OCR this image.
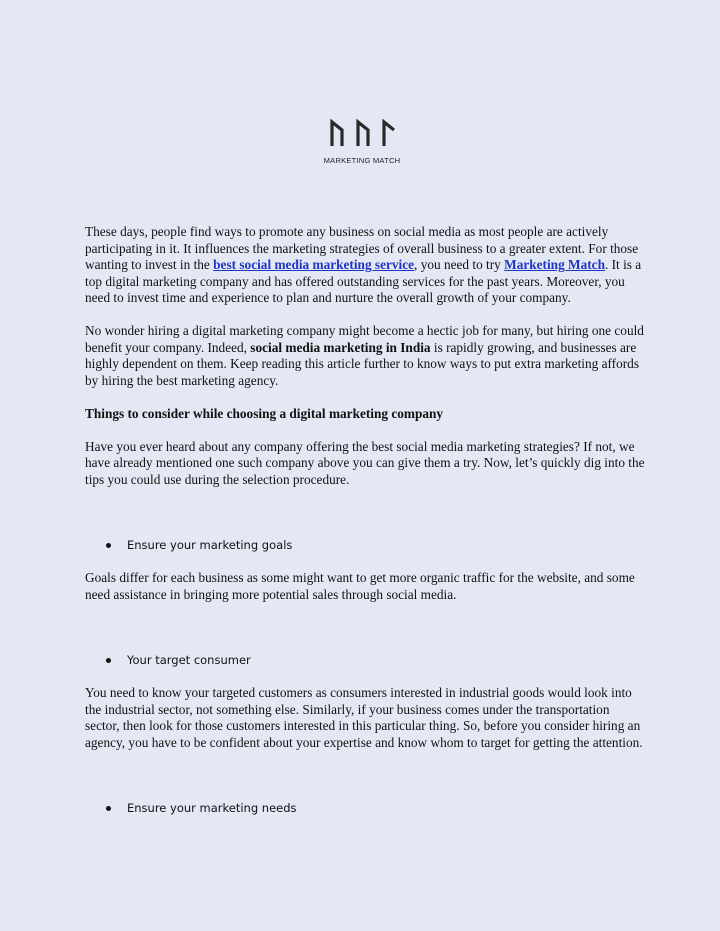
MARKETING MATCH

These days, people find ways to promote any business on social media as most people are actively participating in it. It influences the marketing strategies of overall business to a greater extent. For those wanting to invest in the best social media marketing service, you need to try Marketing Match. It is a top digital marketing company and has offered outstanding services for the past years. Moreover, you need to invest time and experience to plan and nurture the overall growth of your company.

No wonder hiring a digital marketing company might become a hectic job for many, but hiring one could benefit your company. Indeed, social media marketing in India is rapidly growing, and businesses are highly dependent on them. Keep reading this article further to know ways to put extra marketing affords by hiring the best marketing agency.

Things to consider while choosing a digital marketing company

Have you ever heard about any company offering the best social media marketing strategies? If not, we have already mentioned one such company above you can give them a try. Now, let’s quickly dig into the tips you could use during the selection procedure.

Ensure your marketing goals

Goals differ for each business as some might want to get more organic traffic for the website, and some need assistance in bringing more potential sales through social media.

Your target consumer

You need to know your targeted customers as consumers interested in industrial goods would look into the industrial sector, not something else. Similarly, if your business comes under the transportation sector, then look for those customers interested in this particular thing. So, before you consider hiring an agency, you have to be confident about your expertise and know whom to target for getting the attention.

Ensure your marketing needs
